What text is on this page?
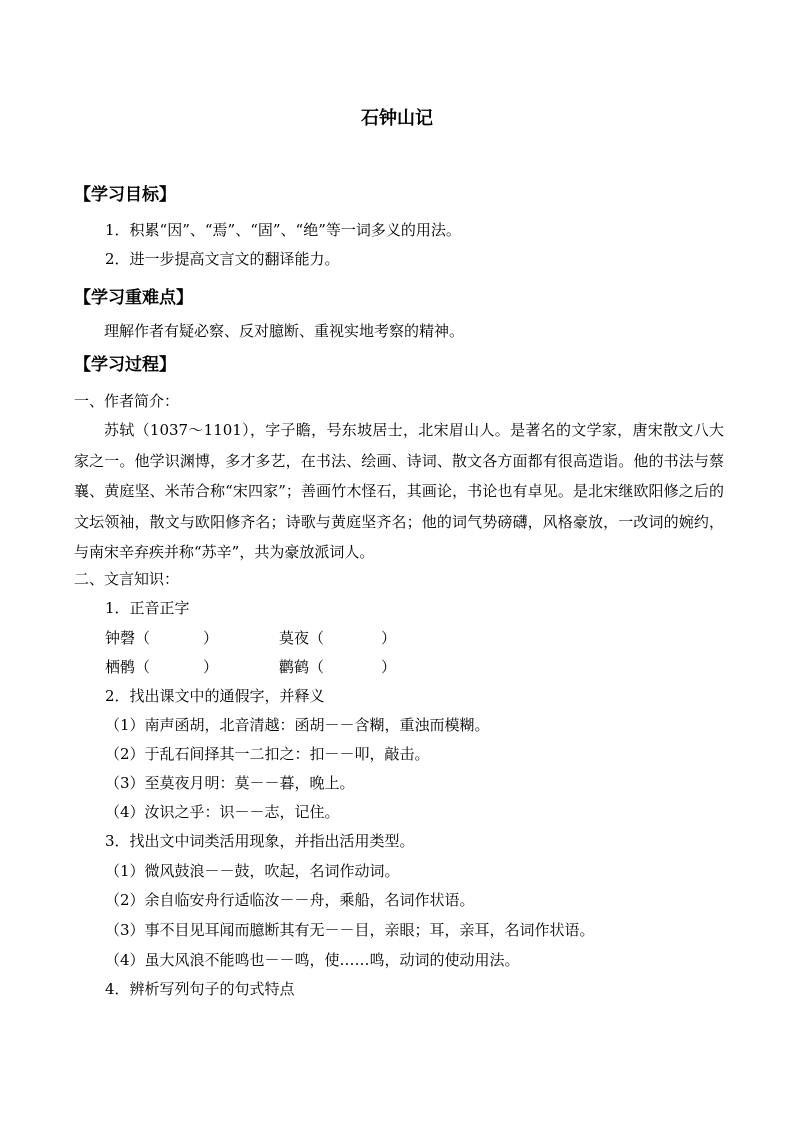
石钟山记
【学习目标】
1．积累“因”、“焉”、“固”、“绝”等一词多义的用法。
2．进一步提高文言文的翻译能力。
【学习重难点】
理解作者有疑必察、反对臆断、重视实地考察的精神。
【学习过程】
一、作者简介：
苏轼（1037～1101），字子瞻，号东坡居士，北宋眉山人。是著名的文学家，唐宋散文八大家之一。他学识渊博，多才多艺，在书法、绘画、诗词、散文各方面都有很高造诣。他的书法与蔡襄、黄庭坚、米芾合称“宋四家”；善画竹木怪石，其画论，书论也有卓见。是北宋继欧阳修之后的文坛领袖，散文与欧阳修齐名；诗歌与黄庭坚齐名；他的词气势磅礴，风格豪放，一改词的婉约，与南宋辛弃疾并称“苏辛”，共为豪放派词人。
二、文言知识：
1．正音正字
钟磬（	）	莫夜（	）
栖鹘（	）	鹳鹤（	）
2．找出课文中的通假字，并释义
（1）南声函胡，北音清越：函胡－－含糊，重浊而模糊。
（2）于乱石间择其一二扣之：扣－－叩，敲击。
（3）至莫夜月明：莫－－暮，晚上。
（4）汝识之乎：识－－志，记住。
3．找出文中词类活用现象，并指出活用类型。
（1）微风鼓浪－－鼓，吹起，名词作动词。
（2）余自临安舟行适临汝－－舟，乘船，名词作状语。
（3）事不目见耳闻而臆断其有无－－目，亲眼；耳，亲耳，名词作状语。
（4）虽大风浪不能鸣也－－鸣，使……鸣，动词的使动用法。
4．辨析写列句子的句式特点
